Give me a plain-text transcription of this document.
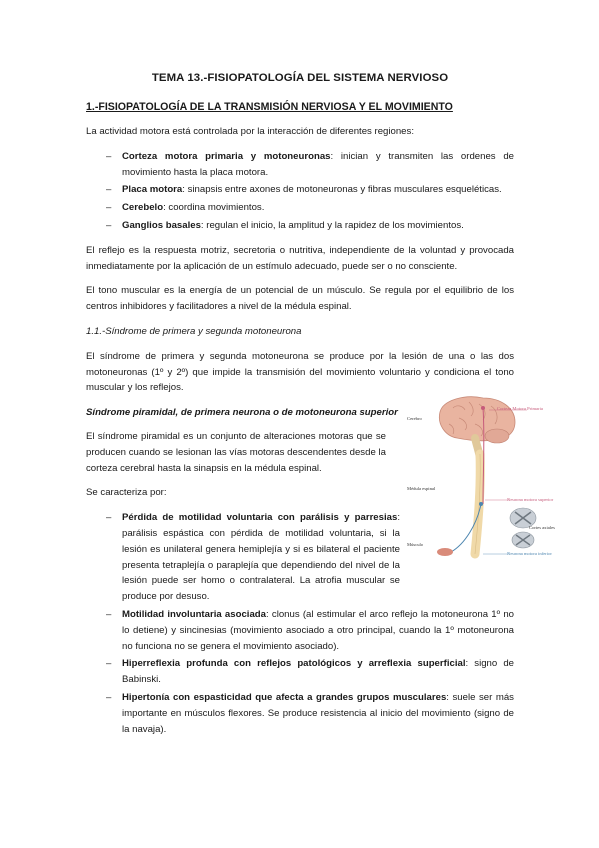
TEMA 13.-FISIOPATOLOGÍA DEL SISTEMA NERVIOSO
1.-FISIOPATOLOGÍA DE LA TRANSMISIÓN NERVIOSA Y EL MOVIMIENTO

La actividad motora está controlada por la interacción de diferentes regiones:

– Corteza motora primaria y motoneuronas: inician y transmiten las ordenes de movimiento hasta la placa motora.
– Placa motora: sinapsis entre axones de motoneuronas y fibras musculares esqueléticas.
– Cerebelo: coordina movimientos.
– Ganglios basales: regulan el inicio, la amplitud y la rapidez de los movimientos.

El reflejo es la respuesta motriz, secretoria o nutritiva, independiente de la voluntad y provocada inmediatamente por la aplicación de un estímulo adecuado, puede ser o no consciente.

El tono muscular es la energía de un potencial de un músculo. Se regula por el equilibrio de los centros inhibidores y facilitadores a nivel de la médula espinal.

1.1.-Síndrome de primera y segunda motoneurona

El síndrome de primera y segunda motoneurona se produce por la lesión de una o las dos motoneuronas (1º y 2º) que impide la transmisión del movimiento voluntario y condiciona el tono muscular y los reflejos.

Síndrome piramidal, de primera neurona o de motoneurona superior

El síndrome piramidal es un conjunto de alteraciones motoras que se producen cuando se lesionan las vías motoras descendentes desde la corteza cerebral hasta la sinapsis en la médula espinal.

Se caracteriza por:

– Pérdida de motilidad voluntaria con parálisis y parresias: parálisis espástica con pérdida de motilidad voluntaria, si la lesión es unilateral genera hemiplejía y si es bilateral el paciente presenta tetraplejía o paraplejía que dependiendo del nivel de la lesión puede ser homo o contralateral. La atrofia muscular se produce por desuso.
– Motilidad involuntaria asociada: clonus (al estimular el arco reflejo la motoneurona 1º no lo detiene) y sincinesias (movimiento asociado a otro principal, cuando la 1º motoneurona no funciona no se genera el movimiento asociado).
– Hiperreflexia profunda con reflejos patológicos y arreflexia superficial: signo de Babinski.
– Hipertonía con espasticidad que afecta a grandes grupos musculares: suele ser más importante en músculos flexores. Se produce resistencia al inicio del movimiento (signo de la navaja).
Cerebro
Corteza Motora Primaria
Médula espinal
Neurona motora superior
Cortes axiales
Músculo
Neurona motora inferior
